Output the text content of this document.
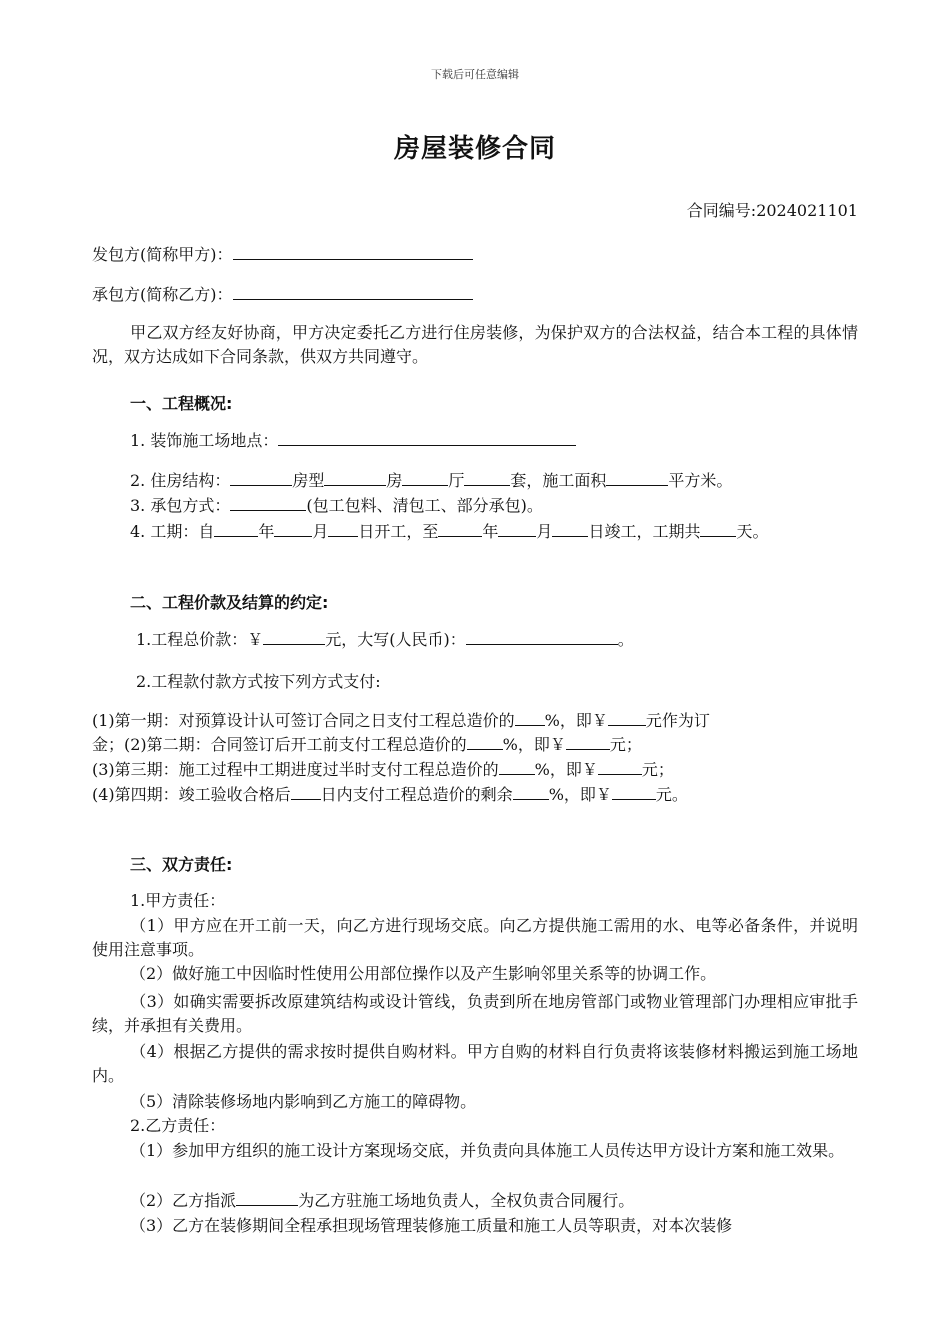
下载后可任意编辑
房屋装修合同
合同编号:2024021101
发包方(简称甲方)：
承包方(简称乙方)：
甲乙双方经友好协商，甲方决定委托乙方进行住房装修，为保护双方的合法权益，结合本工程的具体情况，双方达成如下合同条款，供双方共同遵守。
一、工程概况:
1. 装饰施工场地点：
2. 住房结构：	房型	房	厅	套，施工面积	平方米。
3. 承包方式：	(包工包料、清包工、部分承包)。
4. 工期：自	年 月 日开工，至	年 月 日竣工，工期共 天。
二、工程价款及结算的约定:
1.工程总价款：￥	元，大写(人民币)：	。
2.工程款付款方式按下列方式支付:
(1)第一期：对预算设计认可签订合同之日支付工程总造价的 %，即￥ 元作为订
金；(2)第二期：合同签订后开工前支付工程总造价的 %，即￥	元；
(3)第三期：施工过程中工期进度过半时支付工程总造价的 %，即￥	元；
(4)第四期：竣工验收合格后 日内支付工程总造价的剩余 %，即￥	元。
三、双方责任:
1.甲方责任：
（1）甲方应在开工前一天，向乙方进行现场交底。向乙方提供施工需用的水、电等必备条件，并说明使用注意事项。
（2）做好施工中因临时性使用公用部位操作以及产生影响邻里关系等的协调工作。
（3）如确实需要拆改原建筑结构或设计管线，负责到所在地房管部门或物业管理部门办理相应审批手续，并承担有关费用。
（4）根据乙方提供的需求按时提供自购材料。甲方自购的材料自行负责将该装修材料搬运到施工场地内。
（5）清除装修场地内影响到乙方施工的障碍物。
2.乙方责任：
（1）参加甲方组织的施工设计方案现场交底，并负责向具体施工人员传达甲方设计方案和施工效果。
（2）乙方指派	为乙方驻施工场地负责人，全权负责合同履行。
（3）乙方在装修期间全程承担现场管理装修施工质量和施工人员等职责，对本次装修
